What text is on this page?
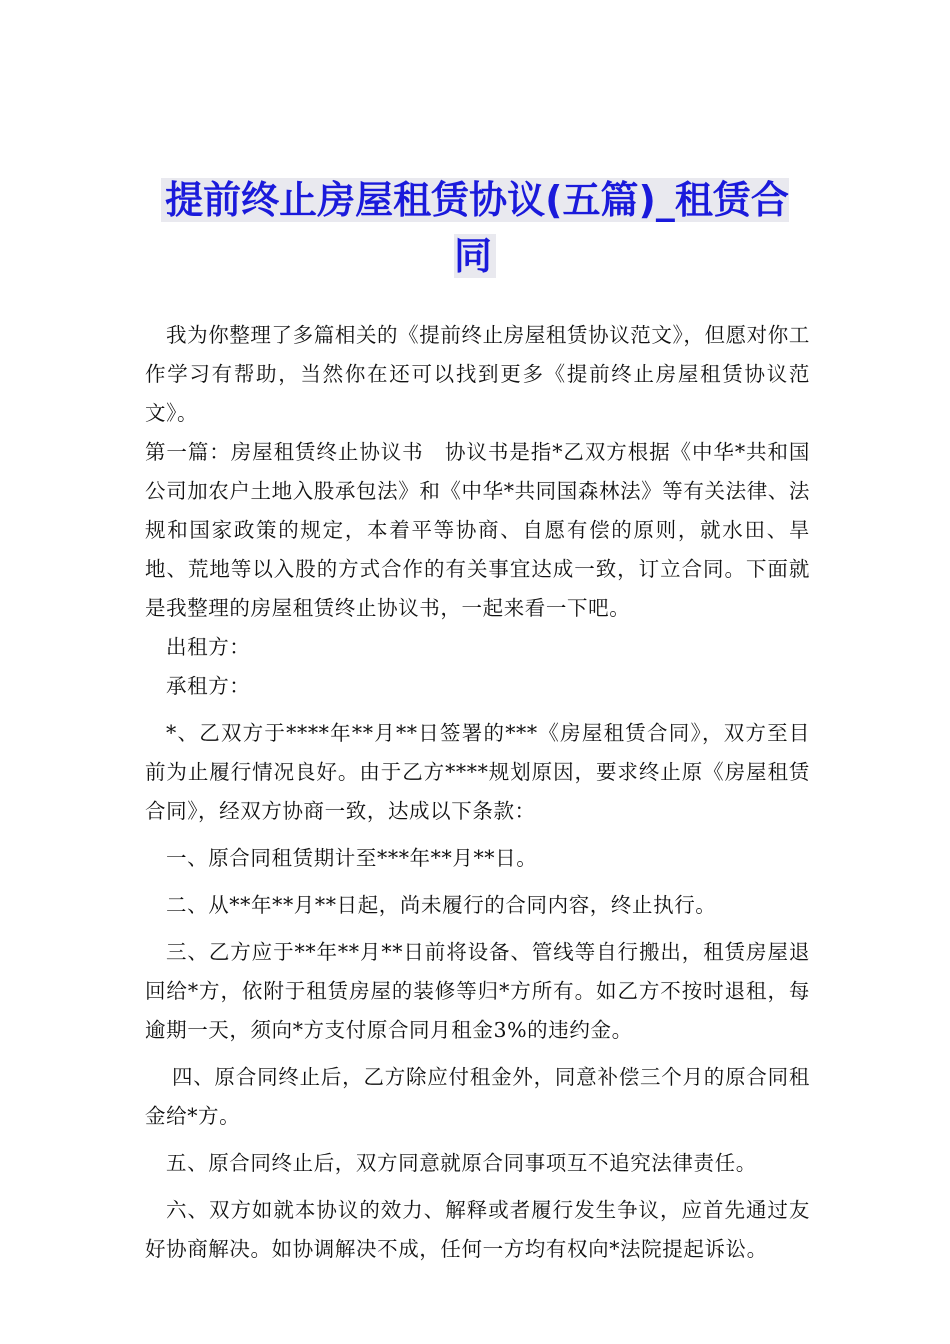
提前终止房屋租赁协议(五篇)_租赁合同

我为你整理了多篇相关的《提前终止房屋租赁协议范文》，但愿对你工作学习有帮助，当然你在还可以找到更多《提前终止房屋租赁协议范文》。

第一篇：房屋租赁终止协议书　协议书是指*乙双方根据《中华*共和国公司加农户土地入股承包法》和《中华*共同国森林法》等有关法律、法规和国家政策的规定，本着平等协商、自愿有偿的原则，就水田、旱地、荒地等以入股的方式合作的有关事宜达成一致，订立合同。下面就是我整理的房屋租赁终止协议书，一起来看一下吧。

出租方：

承租方：

*、乙双方于****年**月**日签署的***《房屋租赁合同》，双方至目前为止履行情况良好。由于乙方****规划原因，要求终止原《房屋租赁合同》，经双方协商一致，达成以下条款：

一、原合同租赁期计至***年**月**日。

二、从**年**月**日起，尚未履行的合同内容，终止执行。

三、乙方应于**年**月**日前将设备、管线等自行搬出，租赁房屋退回给*方，依附于租赁房屋的装修等归*方所有。如乙方不按时退租，每逾期一天，须向*方支付原合同月租金3%的违约金。

四、原合同终止后，乙方除应付租金外，同意补偿三个月的原合同租金给*方。

五、原合同终止后，双方同意就原合同事项互不追究法律责任。

六、双方如就本协议的效力、解释或者履行发生争议，应首先通过友好协商解决。如协调解决不成，任何一方均有权向*法院提起诉讼。
